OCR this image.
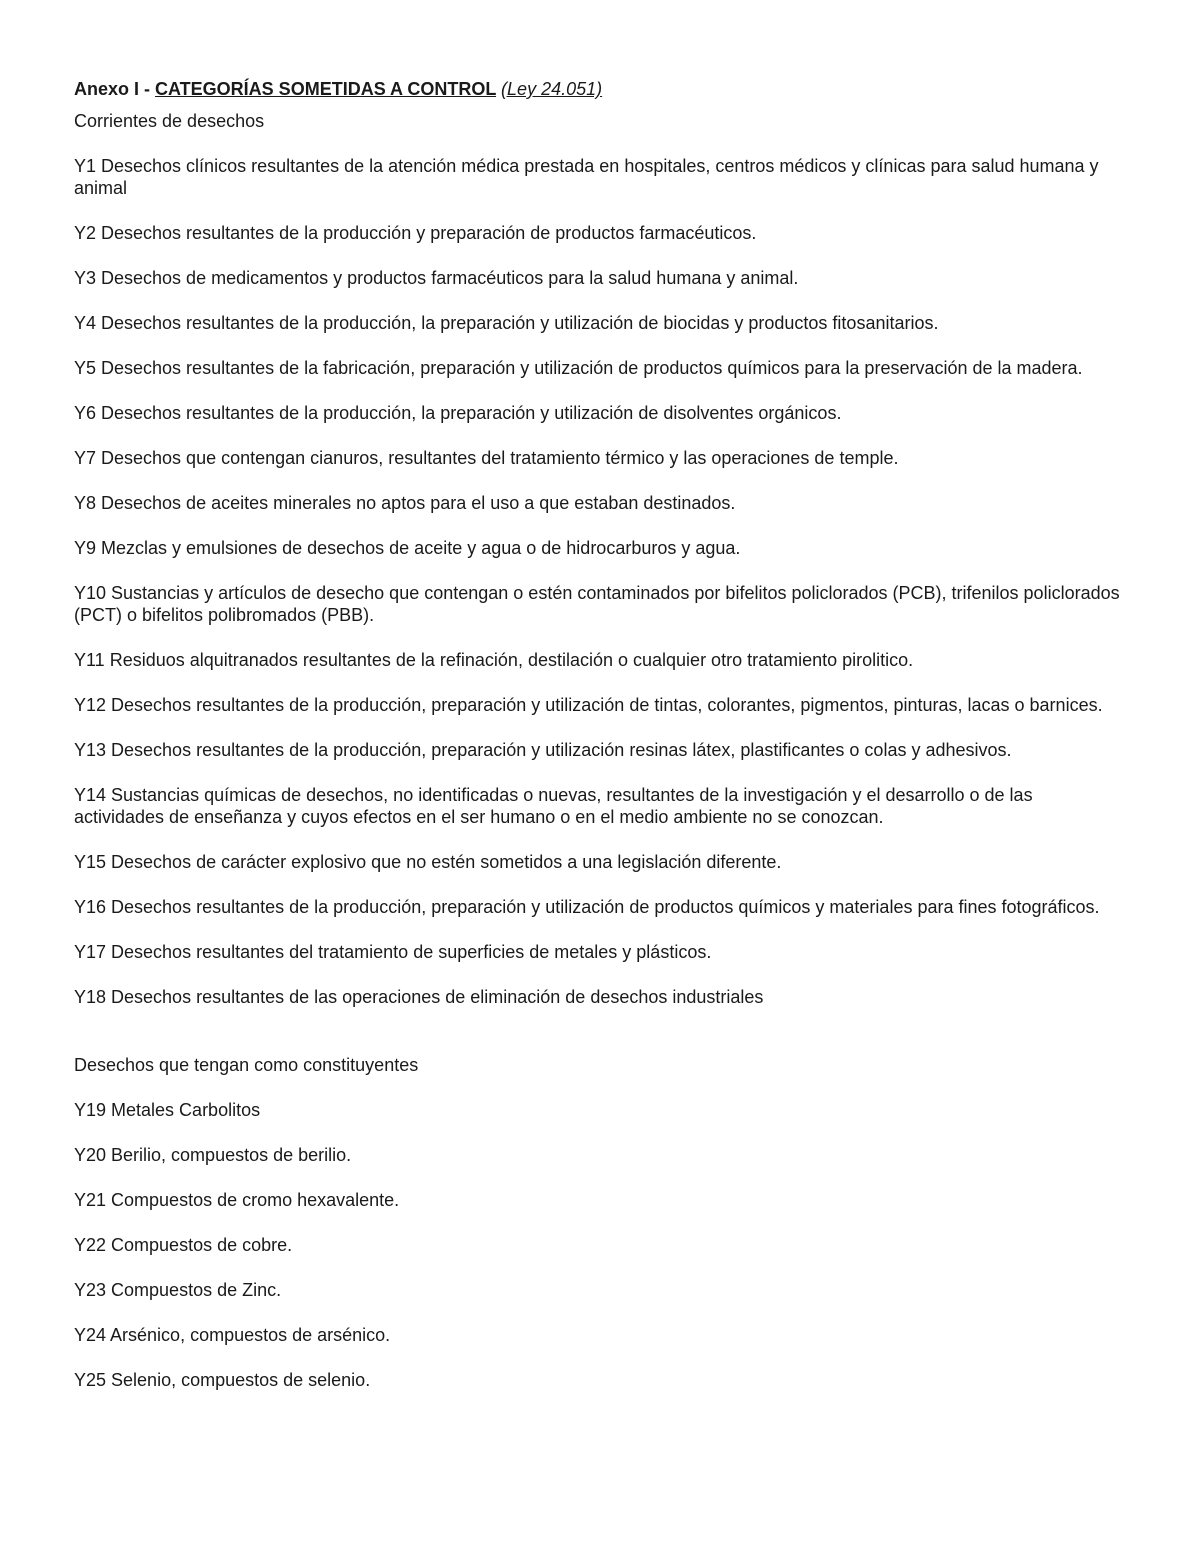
Anexo I - CATEGORÍAS SOMETIDAS A CONTROL (Ley 24.051)

Corrientes de desechos

Y1 Desechos clínicos resultantes de la atención médica prestada en hospitales, centros médicos y clínicas para salud humana y animal

Y2 Desechos resultantes de la producción y preparación de productos farmacéuticos.

Y3 Desechos de medicamentos y productos farmacéuticos para la salud humana y animal.

Y4 Desechos resultantes de la producción, la preparación y utilización de biocidas y productos fitosanitarios.

Y5 Desechos resultantes de la fabricación, preparación y utilización de productos químicos para la preservación de la madera.

Y6 Desechos resultantes de la producción, la preparación y utilización de disolventes orgánicos.

Y7 Desechos que contengan cianuros, resultantes del tratamiento térmico y las operaciones de temple.

Y8 Desechos de aceites minerales no aptos para el uso a que estaban destinados.

Y9 Mezclas y emulsiones de desechos de aceite y agua o de hidrocarburos y agua.

Y10 Sustancias y artículos de desecho que contengan o estén contaminados por bifelitos policlorados (PCB), trifenilos policlorados (PCT) o bifelitos polibromados (PBB).

Y11 Residuos alquitranados resultantes de la refinación, destilación o cualquier otro tratamiento pirolitico.

Y12 Desechos resultantes de la producción, preparación y utilización de tintas, colorantes, pigmentos, pinturas, lacas o barnices.

Y13 Desechos resultantes de la producción, preparación y utilización resinas látex, plastificantes o colas y adhesivos.

Y14 Sustancias químicas de desechos, no identificadas o nuevas, resultantes de la investigación y el desarrollo o de las actividades de enseñanza y cuyos efectos en el ser humano o en el medio ambiente no se conozcan.

Y15 Desechos de carácter explosivo que no estén sometidos a una legislación diferente.

Y16 Desechos resultantes de la producción, preparación y utilización de productos químicos y materiales para fines fotográficos.

Y17 Desechos resultantes del tratamiento de superficies de metales y plásticos.

Y18 Desechos resultantes de las operaciones de eliminación de desechos industriales

Desechos que tengan como constituyentes

Y19 Metales Carbolitos

Y20 Berilio, compuestos de berilio.

Y21 Compuestos de cromo hexavalente.

Y22 Compuestos de cobre.

Y23 Compuestos de Zinc.

Y24 Arsénico, compuestos de arsénico.

Y25 Selenio, compuestos de selenio.
